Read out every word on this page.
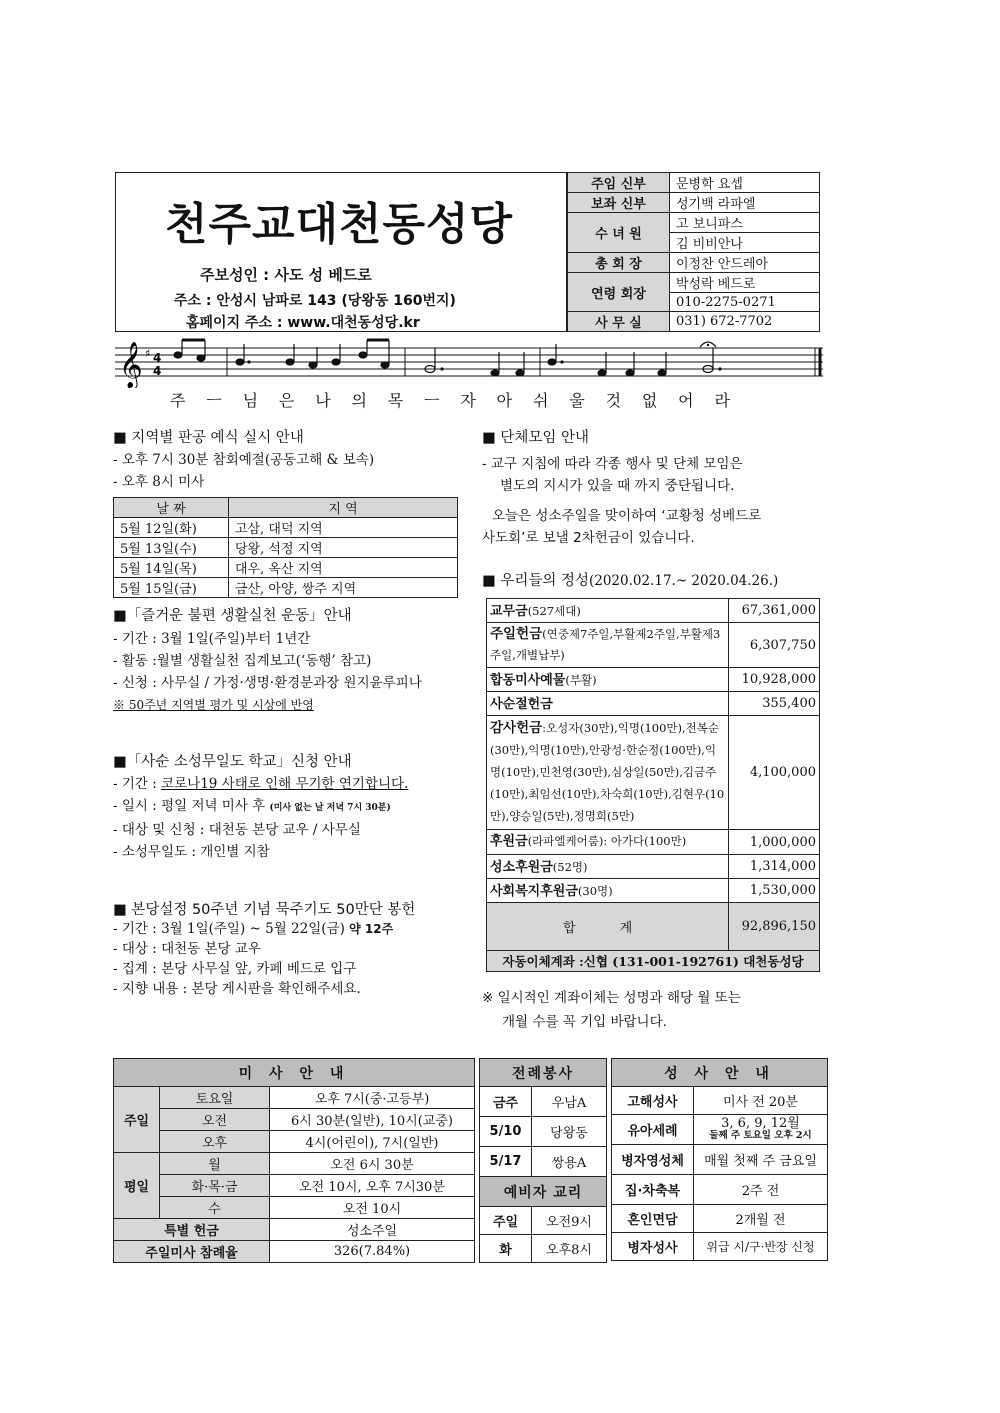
천주교대천동성당
주보성인 : 사도 성 베드로
주소 : 안성시 남파로 143 (당왕동 160번지)
홈페이지 주소 : www.대천동성당.kr
주임 신부	문병학 요셉
보좌 신부	성기백 라파엘
수 녀 원	고 보니파스
	김 비비안나
총 회 장	이정찬 안드레아
연령 회장	박성락 베드로
	010-2275-0271
사 무 실	031) 672-7702
𝄞 ♯ 4
4
주 ㅡ 님 은 나 의 목 ㅡ 자 아 쉬 울 것 없 어 라
■ 지역별 판공 예식 실시 안내
- 오후 7시 30분 참회예절(공동고해 & 보속)
- 오후 8시 미사
날 짜	지 역
5월 12일(화)	고삼, 대덕 지역
5월 13일(수)	당왕, 석정 지역
5월 14일(목)	대우, 옥산 지역
5월 15일(금)	금산, 아양, 쌍주 지역
■「즐거운 불편 생활실천 운동」안내
- 기간 : 3월 1일(주일)부터 1년간
- 활동 :월별 생활실천 집계보고(‘동행’ 참고)
- 신청 : 사무실 / 가정·생명·환경분과장 원지윤루피나
※ 50주년 지역별 평가 및 시상에 반영
■「사순 소성무일도 학교」신청 안내
- 기간 : 코로나19 사태로 인해 무기한 연기합니다.
- 일시 : 평일 저녁 미사 후 (미사 없는 날 저녁 7시 30분)
- 대상 및 신청 : 대천동 본당 교우 / 사무실
- 소성무일도 : 개인별 지참
■ 본당설정 50주년 기념 묵주기도 50만단 봉헌
- 기간 : 3월 1일(주일) ~ 5월 22일(금) 약 12주
- 대상 : 대천동 본당 교우
- 집계 : 본당 사무실 앞, 카페 베드로 입구
- 지향 내용 : 본당 게시판을 확인해주세요.
■ 단체모임 안내
- 교구 지침에 따라 각종 행사 및 단체 모임은
별도의 지시가 있을 때 까지 중단됩니다.
오늘은 성소주일을 맞이하여 ‘교황청 성베드로
사도회’로 보낼 2차헌금이 있습니다.
■ 우리들의 정성(2020.02.17.~ 2020.04.26.)
교무금(527세대)	67,361,000
주일헌금(연중제7주일,부활제2주일,부활제3주일,개별납부)	6,307,750
합동미사예물(부활)	10,928,000
사순절헌금	355,400
감사헌금:오성자(30만),익명(100만),전복순(30만),익명(10만),안광성·한순정(100만),익명(10만),민천영(30만),심상일(50만),김금주(10만),최임선(10만),차숙희(10만),김현우(10만),양승일(5만),정명희(5만)	4,100,000
후원금(라파엘케어룸): 아가다(100만)	1,000,000
성소후원금(52명)	1,314,000
사회복지후원금(30명)	1,530,000
합 계	92,896,150
자동이체계좌 :신협 (131-001-192761) 대천동성당	
※ 일시적인 계좌이체는 성명과 해당 월 또는
개월 수를 꼭 기입 바랍니다.
미 사 안 내		
주일	토요일	오후 7시(중·고등부)
	오전	6시 30분(일반), 10시(교중)
	오후	4시(어린이), 7시(일반)
평일	월	오전 6시 30분
	화·목·금	오전 10시, 오후 7시30분
	수	오전 10시
특별 헌금		성소주일
주일미사 참례율		326(7.84%)
전례봉사	
금주	우남A
5/10	당왕동
5/17	쌍용A
예비자 교리	
주일	오전9시
화	오후8시
성 사 안 내	
고해성사	미사 전 20분
유아세례	3, 6, 9, 12월
둘째 주 토요일 오후 2시

병자영성체	매월 첫째 주 금요일
집·차축복	2주 전
혼인면담	2개월 전
병자성사	위급 시/구·반장 신청
